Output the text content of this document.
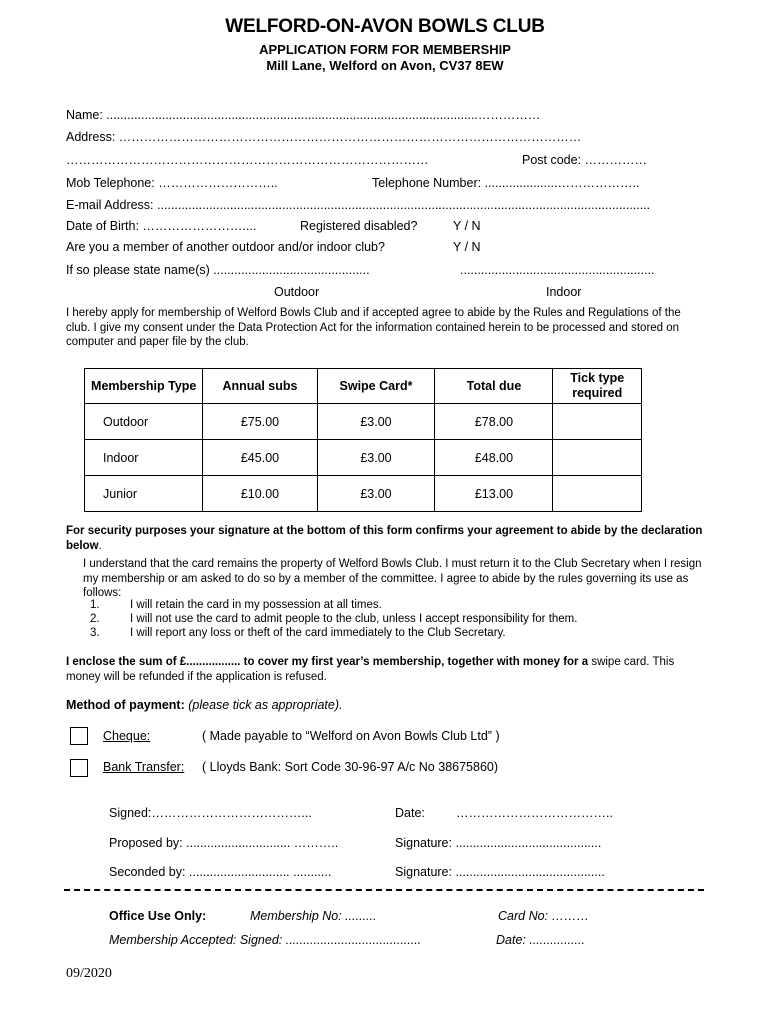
WELFORD-ON-AVON BOWLS CLUB
APPLICATION FORM FOR MEMBERSHIP
Mill Lane, Welford on Avon, CV37 8EW
Name: ...........................................................................................................……………
Address: …………………………………………………………………………………………………
……………………………………………………………………………	Post code: ……………
Mob Telephone: ………………………..	Telephone Number: .....................………………..
E-mail Address: ..............................................................................................................................................
Date of Birth: ……………………....	Registered disabled?	Y / N
Are you a member of another outdoor and/or indoor club?	Y / N
If so please state name(s) .............................................	........................................................
Outdoor	Indoor
I hereby apply for membership of Welford Bowls Club and if accepted agree to abide by the Rules and Regulations of the club. I give my consent under the Data Protection Act for the information contained herein to be processed and stored on computer and paper file by the club.
Membership Type	Annual subs	Swipe Card*	Total due	Tick type required
Outdoor	£75.00	£3.00	£78.00	
Indoor	£45.00	£3.00	£48.00	
Junior	£10.00	£3.00	£13.00	
For security purposes your signature at the bottom of this form confirms your agreement to abide by the declaration below.
I understand that the card remains the property of Welford Bowls Club. I must return it to the Club Secretary when I resign my membership or am asked to do so by a member of the committee. I agree to abide by the rules governing its use as follows:
1.	I will retain the card in my possession at all times.
2.	I will not use the card to admit people to the club, unless I accept responsibility for them.
3.	I will report any loss or theft of the card immediately to the Club Secretary.
I enclose the sum of £................. to cover my first year’s membership, together with money for a swipe card. This money will be refunded if the application is refused.
Method of payment: (please tick as appropriate).
Cheque:	( Made payable to “Welford on Avon Bowls Club Ltd” )
Bank Transfer: ( Lloyds Bank: Sort Code 30-96-97 A/c No 38675860)
Signed:………………………………...	Date: ………………………………..
Proposed by: .............................. ………..	Signature: ..........................................
Seconded by: ............................. ...........	Signature: ...........................................
Office Use Only:	Membership No: .........	Card No: ………
Membership Accepted: Signed: .......................................	Date: ................
09/2020
